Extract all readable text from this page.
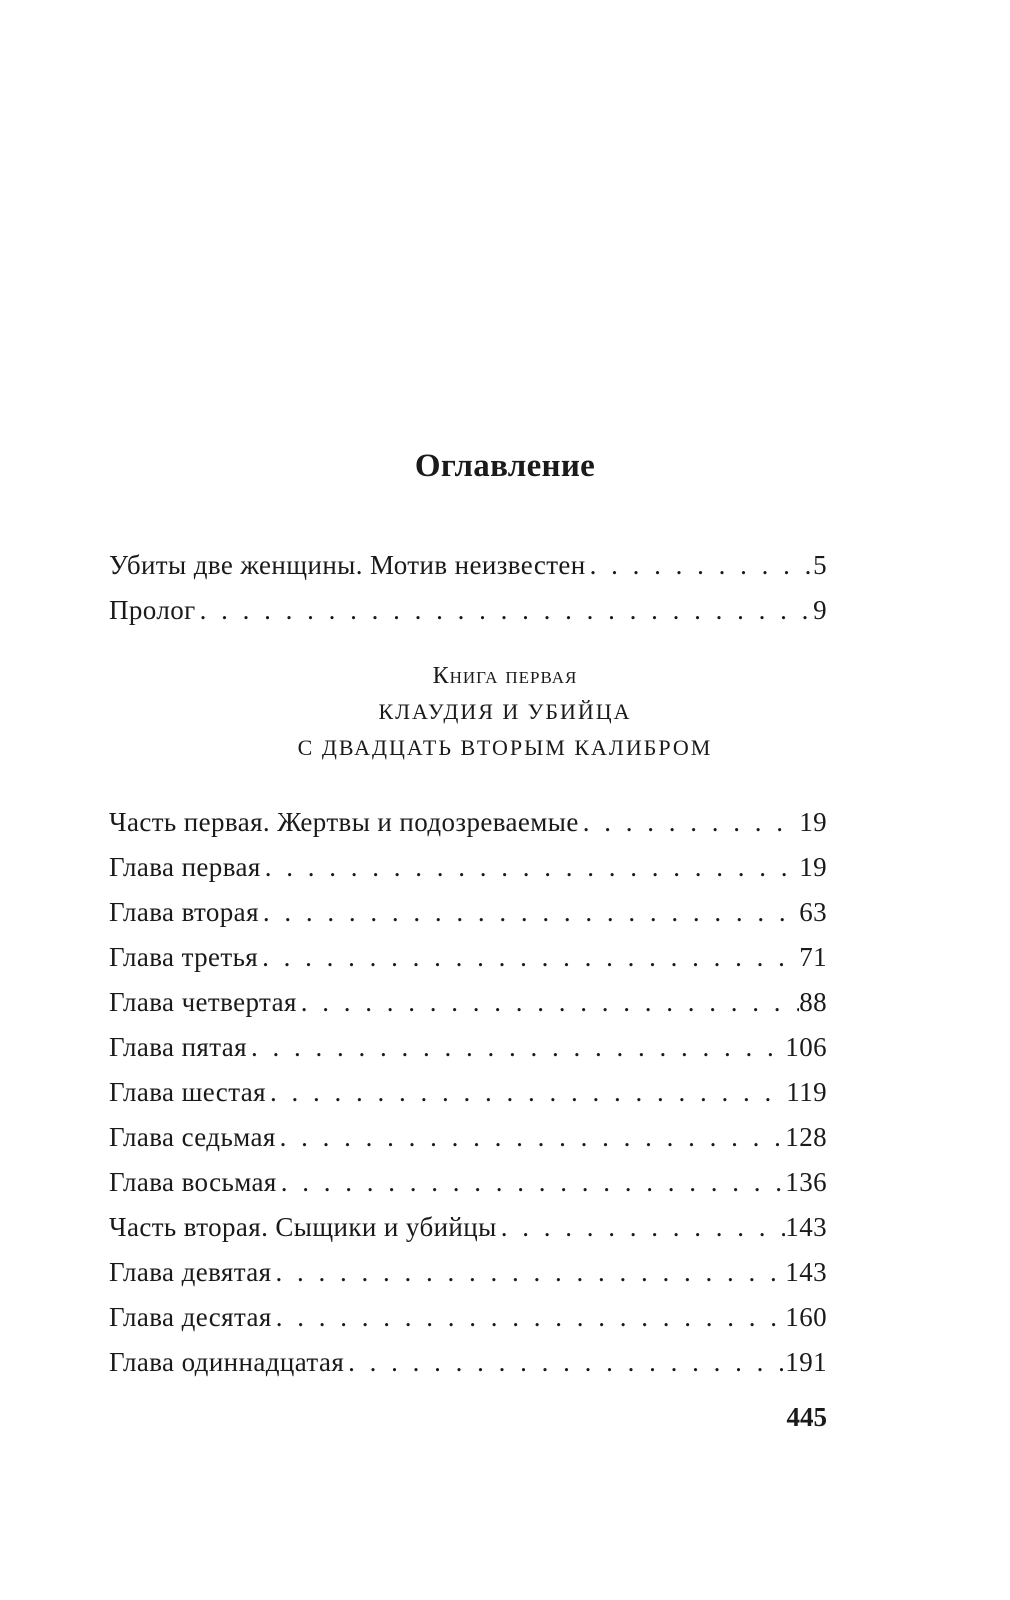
Оглавление
Убиты две женщины. Мотив неизвестен . . .	5
Пролог . . .	9
Книга первая
КЛАУДИЯ И УБИЙЦА
С ДВАДЦАТЬ ВТОРЫМ КАЛИБРОМ
Часть первая. Жертвы и подозреваемые . . .	19
Глава первая . . .	19
Глава вторая . . .	63
Глава третья . . .	71
Глава четвертая . . .	88
Глава пятая . . .	106
Глава шестая . . .	119
Глава седьмая . . .	128
Глава восьмая . . .	136
Часть вторая. Сыщики и убийцы . . .	143
Глава девятая . . .	143
Глава десятая . . .	160
Глава одиннадцатая . . .	191
445
